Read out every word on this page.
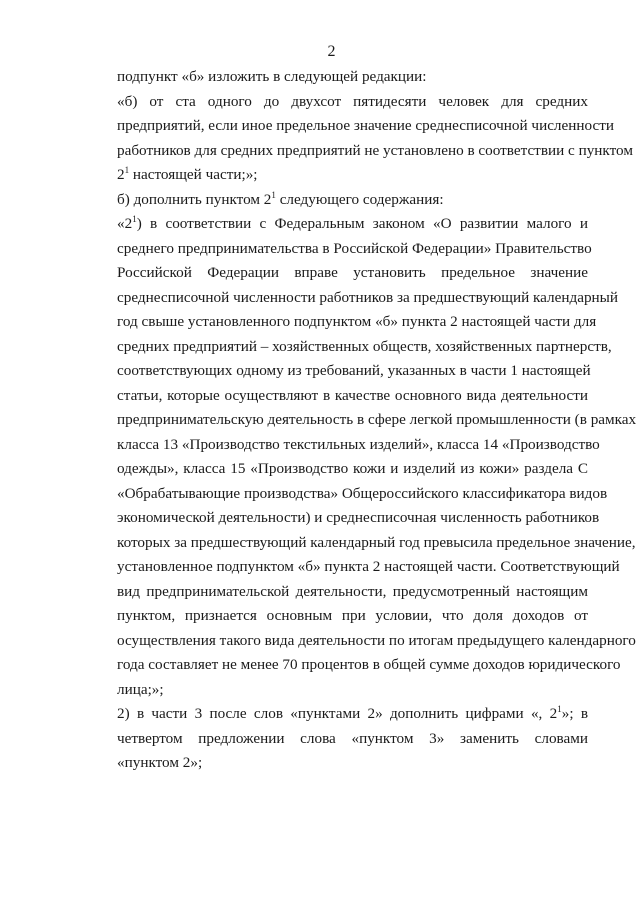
2
подпункт «б» изложить в следующей редакции:
«б) от ста одного до двухсот пятидесяти человек для средних
предприятий, если иное предельное значение среднесписочной численности
работников для средних предприятий не установлено в соответствии с пунктом
$2^1$ настоящей части;»;
б) дополнить пунктом $2^1$ следующего содержания:
«$2^1$) в соответствии с Федеральным законом «О развитии малого и
среднего предпринимательства в Российской Федерации» Правительство
Российской Федерации вправе установить предельное значение
среднесписочной численности работников за предшествующий календарный
год свыше установленного подпунктом «б» пункта 2 настоящей части для
средних предприятий – хозяйственных обществ, хозяйственных партнерств,
соответствующих одному из требований, указанных в части 1 настоящей
статьи, которые осуществляют в качестве основного вида деятельности
предпринимательскую деятельность в сфере легкой промышленности (в рамках
класса 13 «Производство текстильных изделий», класса 14 «Производство
одежды», класса 15 «Производство кожи и изделий из кожи» раздела С
«Обрабатывающие производства» Общероссийского классификатора видов
экономической деятельности) и среднесписочная численность работников
которых за предшествующий календарный год превысила предельное значение,
установленное подпунктом «б» пункта 2 настоящей части. Соответствующий
вид предпринимательской деятельности, предусмотренный настоящим
пунктом, признается основным при условии, что доля доходов от
осуществления такого вида деятельности по итогам предыдущего календарного
года составляет не менее 70 процентов в общей сумме доходов юридического
лица;»;
2) в части 3 после слов «пунктами 2» дополнить цифрами «, $2^1$»; в
четвертом предложении слова «пунктом 3» заменить словами
«пунктом 2»;
